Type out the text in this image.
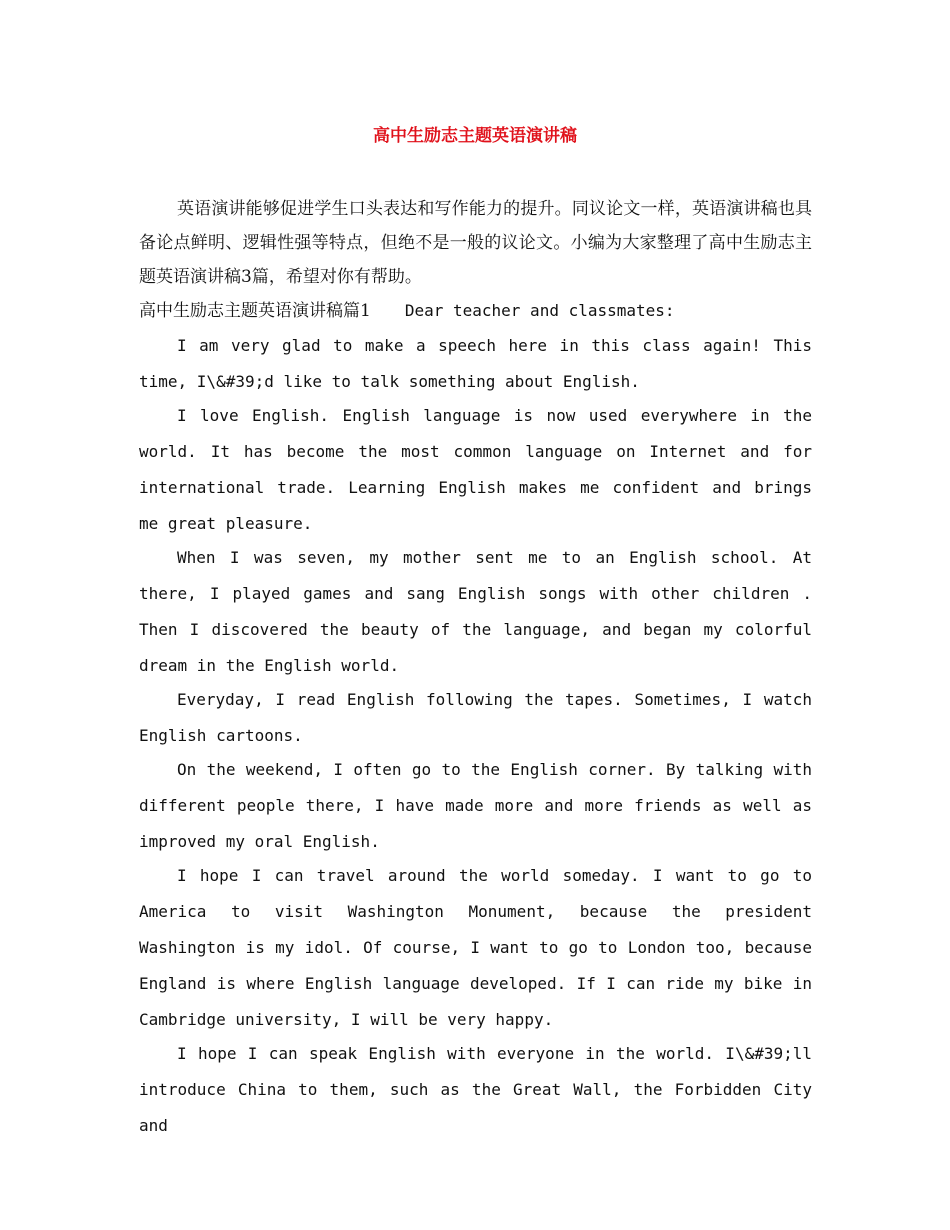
高中生励志主题英语演讲稿

英语演讲能够促进学生口头表达和写作能力的提升。同议论文一样，英语演讲稿也具备论点鲜明、逻辑性强等特点，但绝不是一般的议论文。小编为大家整理了高中生励志主题英语演讲稿3篇，希望对你有帮助。

高中生励志主题英语演讲稿篇1 Dear teacher and classmates:

I am very glad to make a speech here in this class again! This time, I\&#39;d like to talk something about English.

I love English. English language is now used everywhere in the world. It has become the most common language on Internet and for international trade. Learning English makes me confident and brings me great pleasure.

When I was seven, my mother sent me to an English school. At there, I played games and sang English songs with other children . Then I discovered the beauty of the language, and began my colorful dream in the English world.

Everyday, I read English following the tapes. Sometimes, I watch English cartoons.

On the weekend, I often go to the English corner. By talking with different people there, I have made more and more friends as well as improved my oral English.

I hope I can travel around the world someday. I want to go to America to visit Washington Monument, because the president Washington is my idol. Of course, I want to go to London too, because England is where English language developed. If I can ride my bike in Cambridge university, I will be very happy.

I hope I can speak English with everyone in the world. I\&#39;ll introduce China to them, such as the Great Wall, the Forbidden City and
